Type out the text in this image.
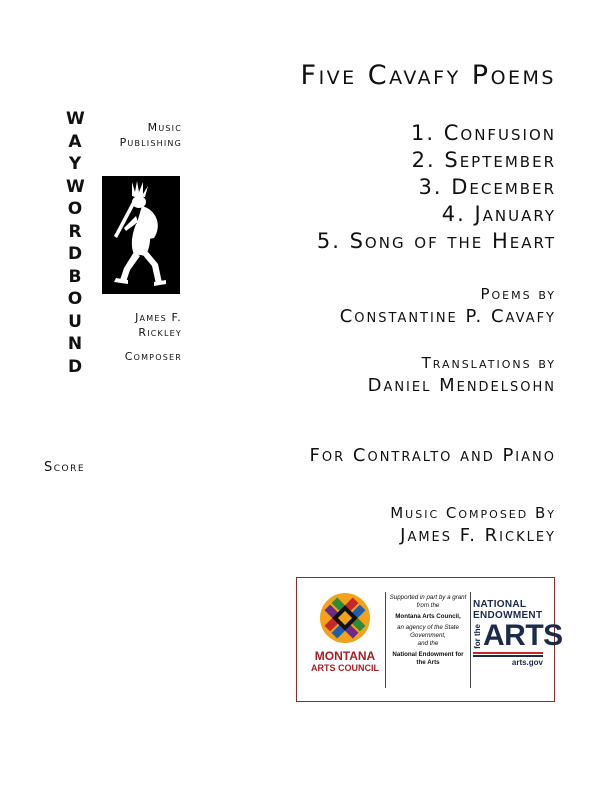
Five Cavafy Poems
1. Confusion
2. September
3. December
4. January
5. Song of the Heart
Poems by
Constantine P. Cavafy
Translations by
Daniel Mendelsohn
For Contralto and Piano
Music Composed By
James F. Rickley
Score
W
A
Y
W
O
R
D
B
O
U
N
D
Music
Publishing
James F.
Rickley
Composer
MONTANA
ARTS COUNCIL
Supported in part by a grant
from the
Montana Arts Council,
an agency of the State
Government,
and the
National Endowment for
the Arts
NATIONAL
ENDOWMENT
for the ARTS
arts.gov
